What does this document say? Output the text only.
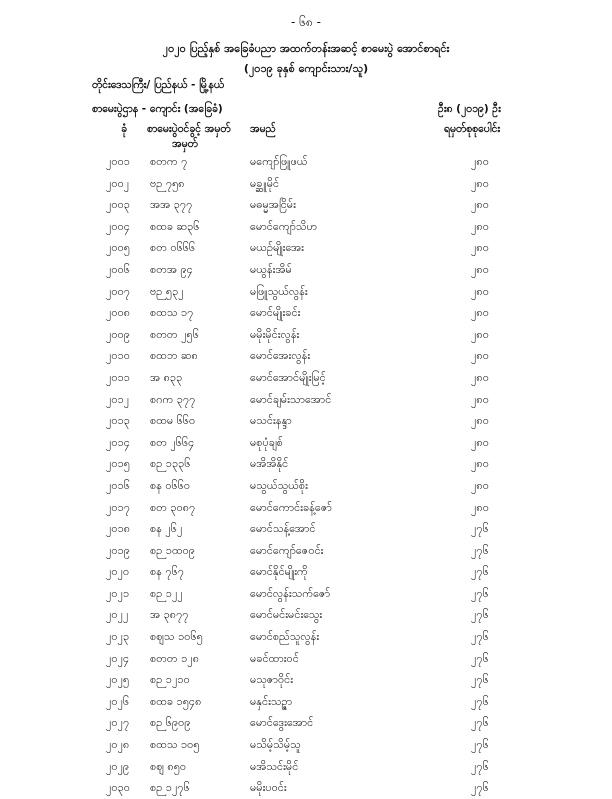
- ၆၈ -
၂၀၂၀ ပြည့်နှစ် အခြေခံပညာ အထက်တန်းအဆင့် စာမေးပွဲ အောင်စာရင်း
(၂၀၁၉ ခုနှစ် ကျောင်းသား/သူ)
တိုင်းဒေသကြီး/ ပြည်နယ် - မြို့နယ်
စာမေးပွဲဌာန - ကျောင်း (အခြေခံ)	ဦး၈ (၂၀၁၉) ဦး
ခုံ စာမေးပွဲဝင်ခွင့် အမှတ်
အမှတ်
အမည်	ရမှတ်စုစုပေါင်း
၂၀၀၁ စတက ၇	မကျော်ဖြူဖယ်	၂၈၀
၂၀၀၂ ဗဉ ၇၅၈	မခ္ဆူမိုင်	၂၈၀
၂၀၀၃ အအ ၃၇၇	မဓမ္မအငြိမ်း	၂၈၀
၂၀၀၄ စထခ ဆ၃၆	မောင်ကျော်သိဟ	၂၈၀
၂၀၀၅ စတ ဝ၆၆၆	မယဉ်မျိုးအေး	၂၈၀
၂၀၀၆ စတအ ၉၄	မယွန်းအိမ်	၂၈၀
၂၀၀၇ ဗဉ ၅၃၂	မဖြူသွယ်လွန်း	၂၈၀
၂၀၀၈ စထသ ၁၇	မောင်မျိုးခင်း	၂၈၀
၂၀၀၉ စတတ ၂၅၆	မမိုးမိုင်းလွန်း	၂၈၀
၂၀၁၀ စထဘ ဆ၈	မောင်အေးလွန်း	၂၈၀
၂၀၁၁ အ ၈၃၃	မောင်အောင်မျိုးမြင့်	၂၈၀
၂၀၁၂ စဂက ၃၇၇	မောင်ချမ်းသာအောင်	၂၈၀
၂၀၁၃ စထမ ၆၆၀	မသင်းနန္ဒာ	၂၈၀
၂၀၁၄ စတ ၂၆၆၄	မစုပုံချစ်	၂၈၀
၂၀၁၅ စဉ ၁၃၃၆	မအိအိနိုင်	၂၈၀
၂၀၁၆ စန ဝ၆၆ဝ	မသွယ်သွယ်စိုး	၂၈၀
၂၀၁၇ စတ ၃၀၈၇	မောင်ကောင်းခန့်ဇော်	၂၈၀
၂၀၁၈ စန ၂၆၂	မောင်သန့်အောင်	၂၇၆
၂၀၁၉ စဉ ၁ထ၀၉	မောင်ကျော်ဇေဝင်း	၂၇၆
၂၀၂၀ စန ၇၆၇	မောင်နိုင်မျိုးကို	၂၇၆
၂၀၂၁ စဉ ၁၂၂	မောင်လွန်းသက်ဇော်	၂၇၆
၂၀၂၂ အ ၃၈၇၇	မောင်မင်းမင်းသွေး	၂၇၆
၂၀၂၃ စဈသ ၁၀၆၅	မောင်စည်သူလွန်း	၂၇၆
၂၀၂၄ စတတ ၁၂၈	မခင်ထားဝင်	၂၇၆
၂၀၂၅ စဉ ၁၂၁၀	မသုဇာဝိုင်း	၂၇၆
၂၀၂၆ စထခ ၁၅၄၈	မနှင်းသဉ္ဇာ	၂၇၆
၂၀၂၇ စဉ ၆၉၀၉	မောင်ဒွေးအောင်	၂၇၆
၂၀၂၈ စထသ ၁၀၅	မသိမ့်သိမ့်သူ	၂၇၆
၂၀၂၉ စဈ ၈၅၀	မအိသင်းမိုင်	၂၇၆
၂၀၃၀ စဉ ၁၂၇၆	မမိုးပဝင်း	၂၇၆
